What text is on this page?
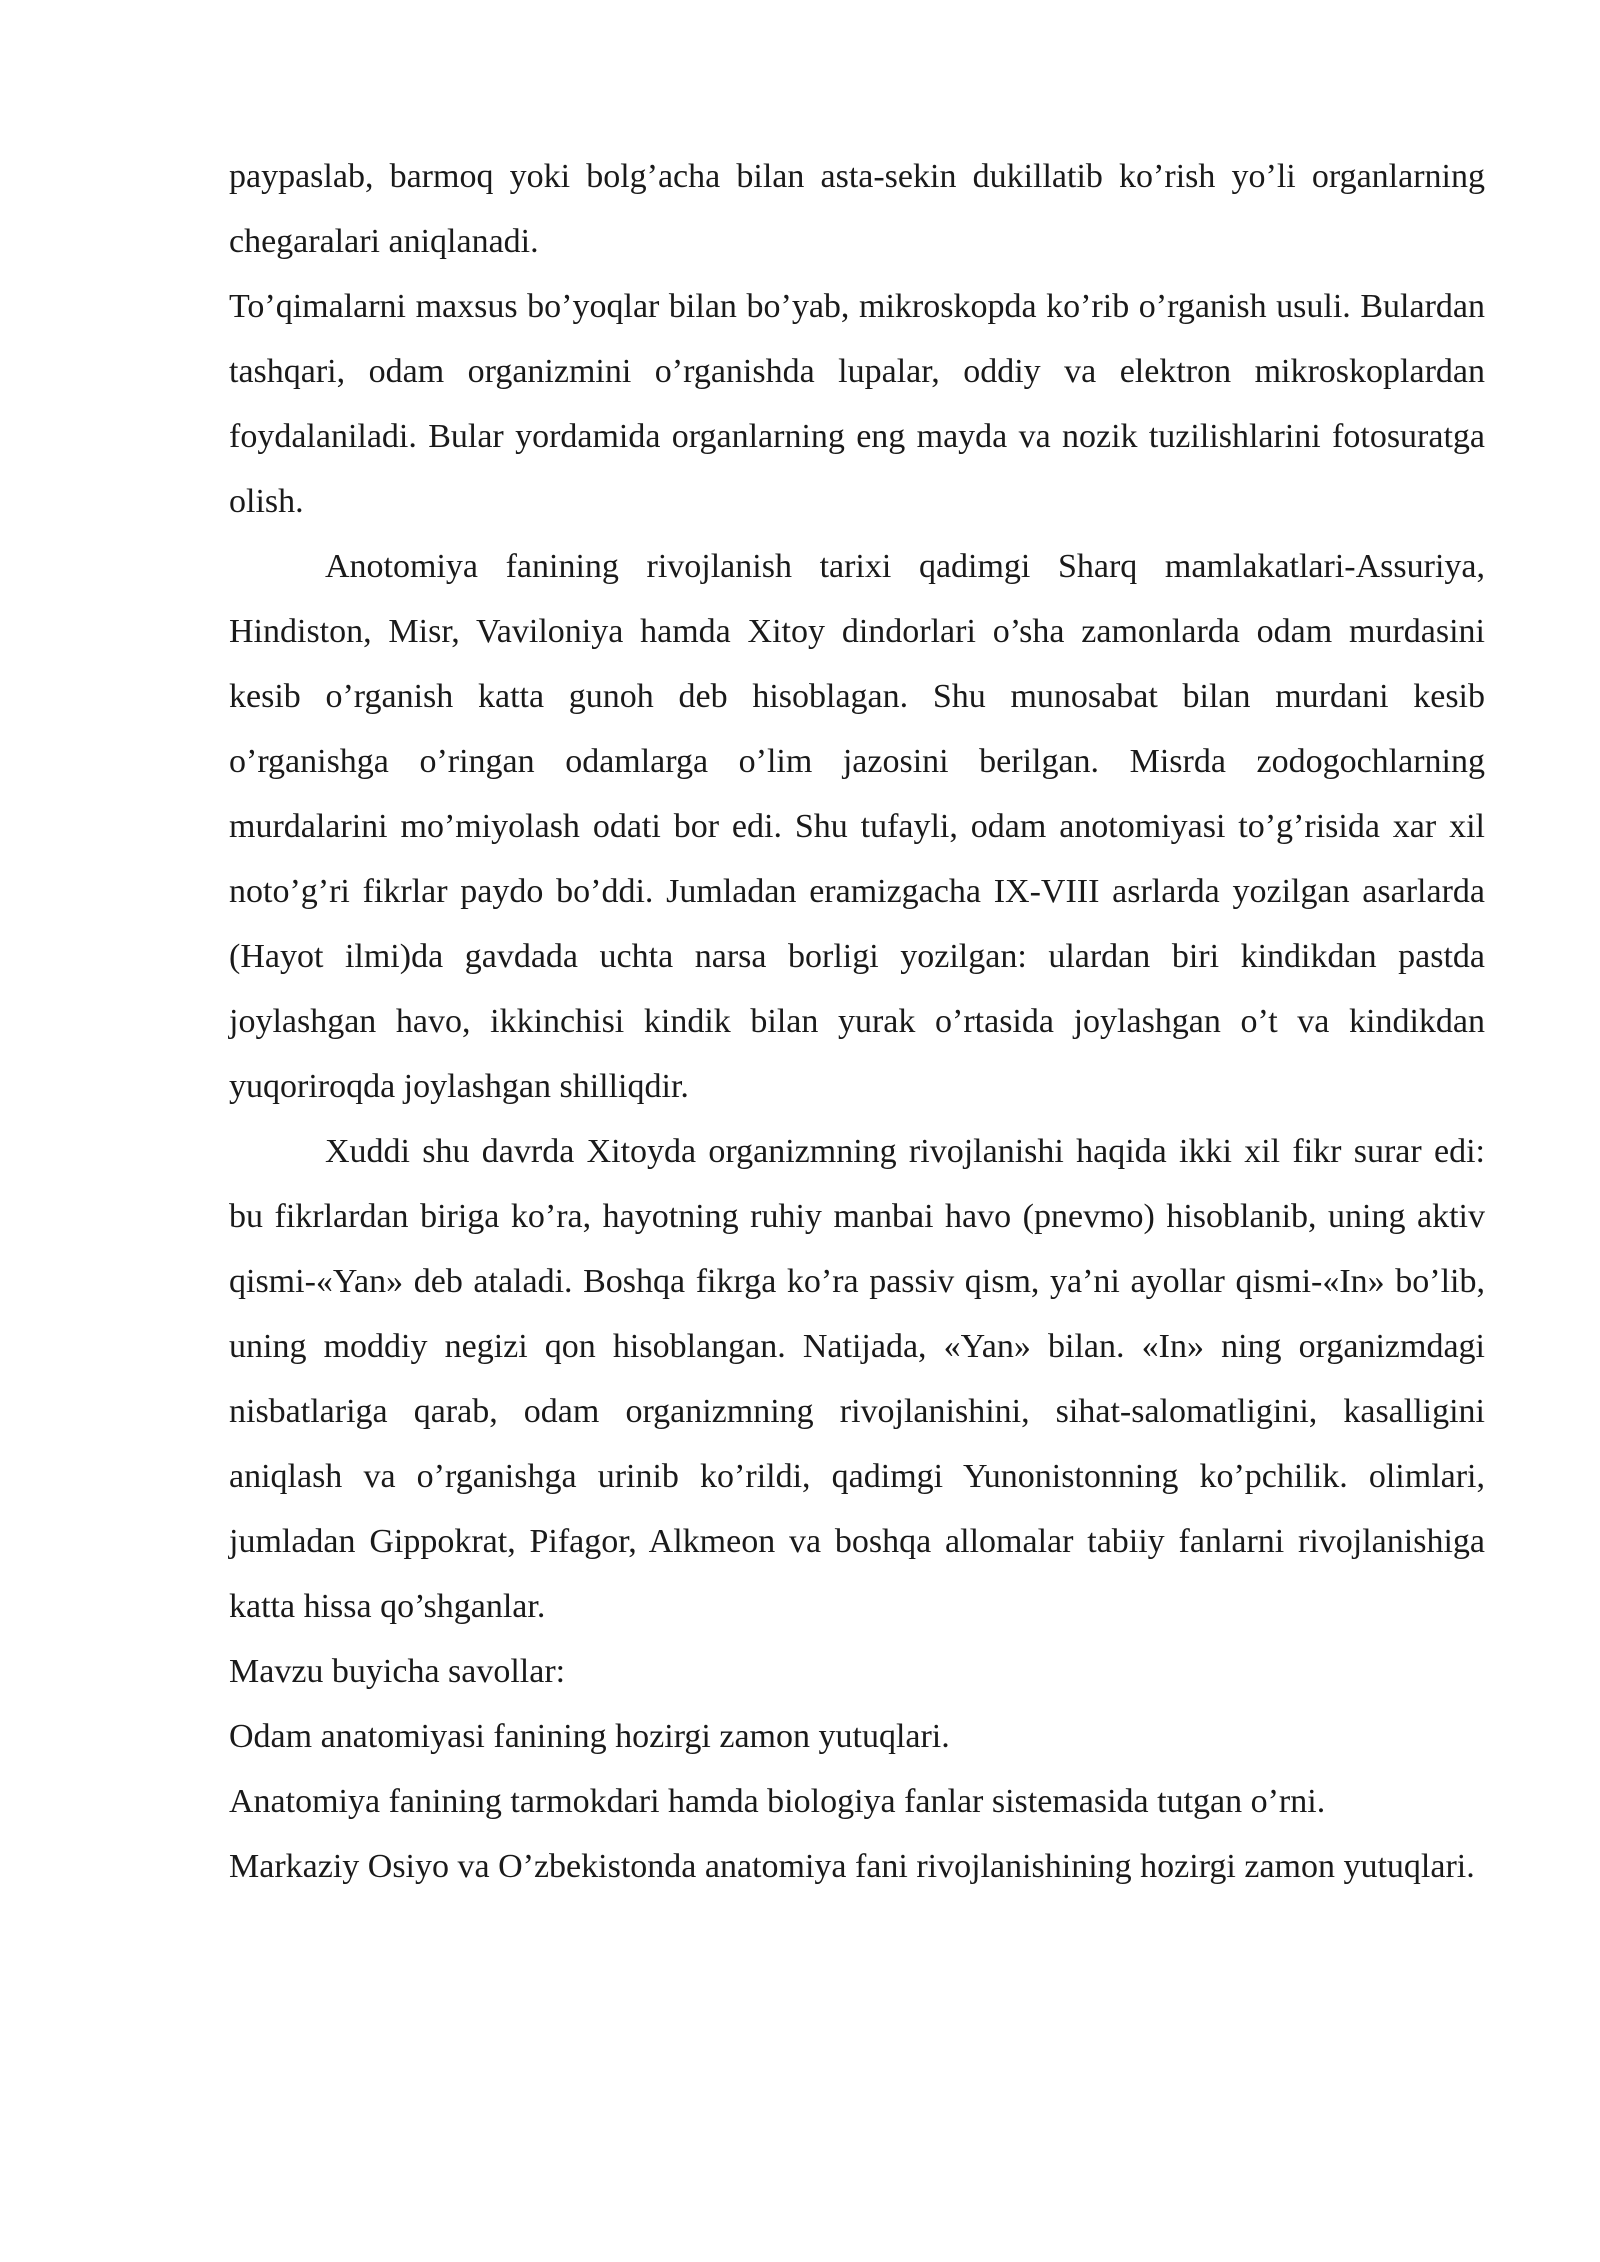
paypaslab, barmoq yoki bolg’acha bilan asta-sekin dukillatib ko’rish yo’li organlarning chegaralari aniqlanadi.

To’qimalarni maxsus bo’yoqlar bilan bo’yab, mikroskopda ko’rib o’rganish usuli. Bulardan tashqari, odam organizmini o’rganishda lupalar, oddiy va elektron mikroskoplardan foydalaniladi. Bular yordamida organlarning eng mayda va nozik tuzilishlarini fotosuratga olish.

Anotomiya fanining rivojlanish tarixi qadimgi Sharq mamlakatlari-Assuriya, Hindiston, Misr, Vaviloniya hamda Xitoy dindorlari o’sha zamonlarda odam murdasini kesib o’rganish katta gunoh deb hisoblagan. Shu munosabat bilan murdani kesib o’rganishga o’ringan odamlarga o’lim jazosini berilgan. Misrda zodogochlarning murdalarini mo’miyolash odati bor edi. Shu tufayli, odam anotomiyasi to’g’risida xar xil noto’g’ri fikrlar paydo bo’ddi. Jumladan eramizgacha IX-VIII asrlarda yozilgan asarlarda (Hayot ilmi)da gavdada uchta narsa borligi yozilgan: ulardan biri kindikdan pastda joylashgan havo, ikkinchisi kindik bilan yurak o’rtasida joylashgan o’t va kindikdan yuqoriroqda joylashgan shilliqdir.

Xuddi shu davrda Xitoyda organizmning rivojlanishi haqida ikki xil fikr surar edi: bu fikrlardan biriga ko’ra, hayotning ruhiy manbai havo (pnevmo) hisoblanib, uning aktiv qismi-«Yan» deb ataladi. Boshqa fikrga ko’ra passiv qism, ya’ni ayollar qismi-«In» bo’lib, uning moddiy negizi qon hisoblangan. Natijada, «Yan» bilan. «In» ning organizmdagi nisbatlariga qarab, odam organizmning rivojlanishini, sihat-salomatligini, kasalligini aniqlash va o’rganishga urinib ko’rildi, qadimgi Yunonistonning ko’pchilik. olimlari, jumladan Gippokrat, Pifagor, Alkmeon va boshqa allomalar tabiiy fanlarni rivojlanishiga katta hissa qo’shganlar.

Mavzu buyicha savollar:

Odam anatomiyasi fanining hozirgi zamon yutuqlari.

Anatomiya fanining tarmokdari hamda biologiya fanlar sistemasida tutgan o’rni.

Markaziy Osiyo va O’zbekistonda anatomiya fani rivojlanishining hozirgi zamon yutuqlari.
